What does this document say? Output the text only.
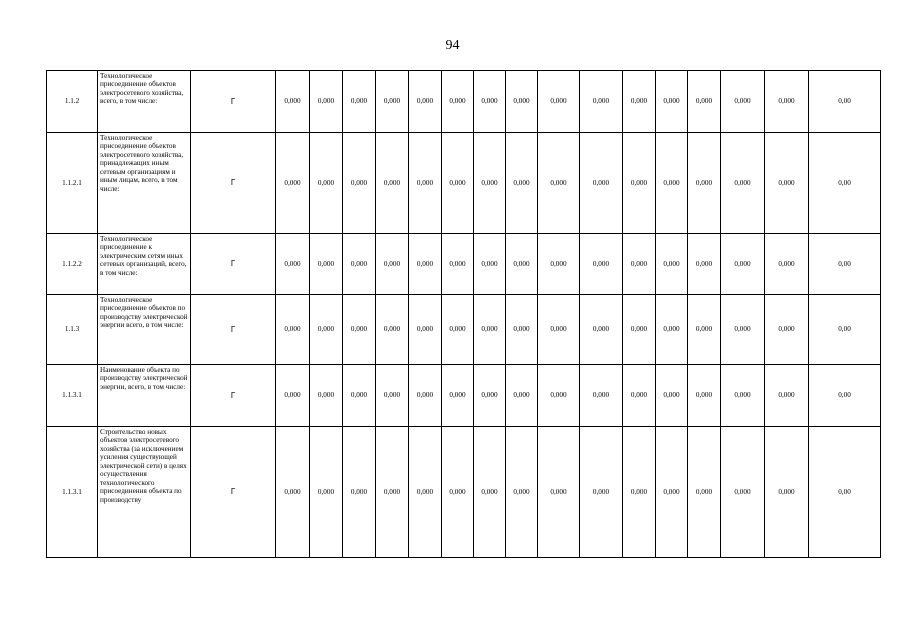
94
1.1.2	Технологическое присоединение объектов электросетевого хозяйства, всего, в том числе:	Г	0,000	0,000	0,000	0,000	0,000	0,000	0,000	0,000	0,000	0,000	0,000	0,000	0,000	0,000	0,000	0,00
1.1.2.1	Технологическое присоединение объектов электросетевого хозяйства, принадлежащих иным сетевым организациям и иным лицам, всего, в том числе:	Г	0,000	0,000	0,000	0,000	0,000	0,000	0,000	0,000	0,000	0,000	0,000	0,000	0,000	0,000	0,000	0,00
1.1.2.2	Технологическое присоединение к электрическим сетям иных сетевых организаций, всего, в том числе:	Г	0,000	0,000	0,000	0,000	0,000	0,000	0,000	0,000	0,000	0,000	0,000	0,000	0,000	0,000	0,000	0,00
1.1.3	Технологическое присоединение объектов по производству электрической энергии всего, в том числе:	Г	0,000	0,000	0,000	0,000	0,000	0,000	0,000	0,000	0,000	0,000	0,000	0,000	0,000	0,000	0,000	0,00
1.1.3.1	Наименование объекта по производству электрической энергии, всего, в том числе:	Г	0,000	0,000	0,000	0,000	0,000	0,000	0,000	0,000	0,000	0,000	0,000	0,000	0,000	0,000	0,000	0,00
1.1.3.1	Строительство новых объектов электросетевого хозяйства (за исключением усиления существующей электрической сети) в целях осуществления технологического присоединения объекта по производству	Г	0,000	0,000	0,000	0,000	0,000	0,000	0,000	0,000	0,000	0,000	0,000	0,000	0,000	0,000	0,000	0,00
